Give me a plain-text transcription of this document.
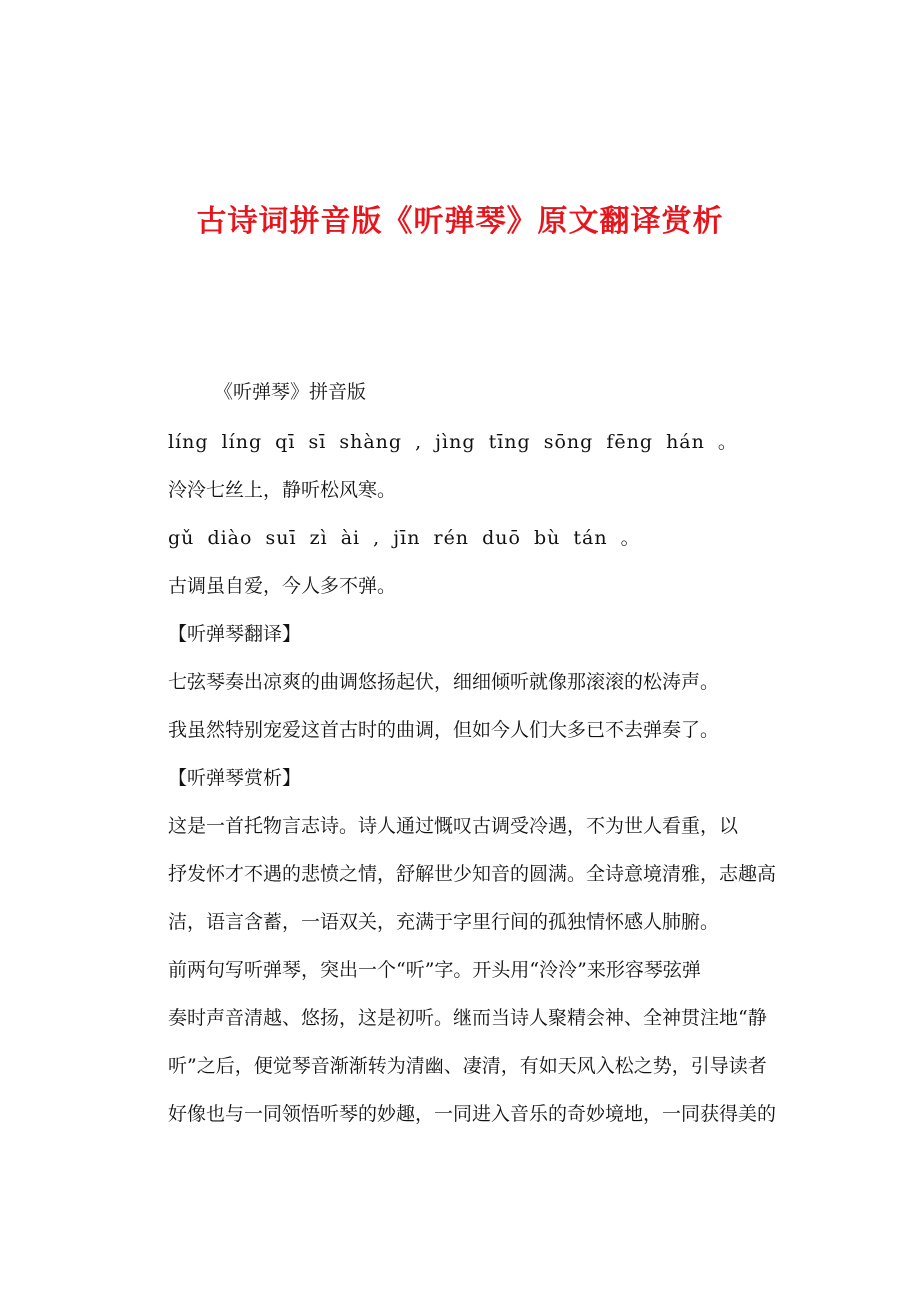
古诗词拼音版《听弹琴》原文翻译赏析
《听弹琴》拼音版
líng líng qī sī shàng , jìng tīng sōng fēng hán 。
泠泠七丝上，静听松风寒。
gǔ diào suī zì ài , jīn rén duō bù tán 。
古调虽自爱，今人多不弹。
【听弹琴翻译】
七弦琴奏出凉爽的曲调悠扬起伏，细细倾听就像那滚滚的松涛声。
我虽然特别宠爱这首古时的曲调，但如今人们大多已不去弹奏了。
【听弹琴赏析】
这是一首托物言志诗。诗人通过慨叹古调受冷遇，不为世人看重，以
抒发怀才不遇的悲愤之情，舒解世少知音的圆满。全诗意境清雅，志趣高
洁，语言含蓄，一语双关，充满于字里行间的孤独情怀感人肺腑。
前两句写听弹琴，突出一个“听”字。开头用“泠泠”来形容琴弦弹
奏时声音清越、悠扬，这是初听。继而当诗人聚精会神、全神贯注地“静
听”之后，便觉琴音渐渐转为清幽、凄清，有如天风入松之势，引导读者
好像也与一同领悟听琴的妙趣，一同进入音乐的奇妙境地，一同获得美的
